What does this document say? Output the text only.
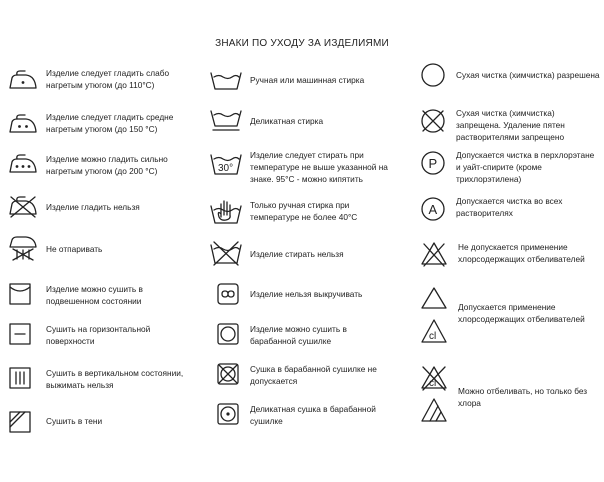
ЗНАКИ ПО УХОДУ ЗА ИЗДЕЛИЯМИ
Изделие следует гладить слабо
нагретым утюгом (до 110°C)
Изделие следует гладить средне
нагретым утюгом (до 150 °C)
Изделие можно гладить сильно
нагретым утюгом (до 200 °C)
Изделие гладить нельзя
Не отпаривать
Изделие можно сушить в
подвешенном состоянии
Сушить на горизонтальной
поверхности
Сушить в вертикальном состоянии,
выжимать нельзя
Сушить в тени
Ручная или машинная стирка
Деликатная стирка
30°
Изделие следует стирать при
температуре не выше указанной на
знаке. 95°C - можно кипятить
Только ручная стирка при
температуре не более 40°C
Изделие стирать нельзя
Изделие нельзя выкручивать
Изделие можно сушить в
барабанной сушилке
Сушка в барабанной сушилке не
допускается
Деликатная сушка в барабанной
сушилке
Сухая чистка (химчистка) разрешена
Сухая чистка (химчистка)
запрещена. Удаление пятен
растворителями запрещено
P
Допускается чистка в перхлорэтане
и уайт-спирите (кроме
трихлорэтилена)
A
Допускается чистка во всех
растворителях
Не допускается применение
хлорсодержащих отбеливателей
Допускается применение
хлорсодержащих отбеливателей
cl
cl
Можно отбеливать, но только без
хлора
